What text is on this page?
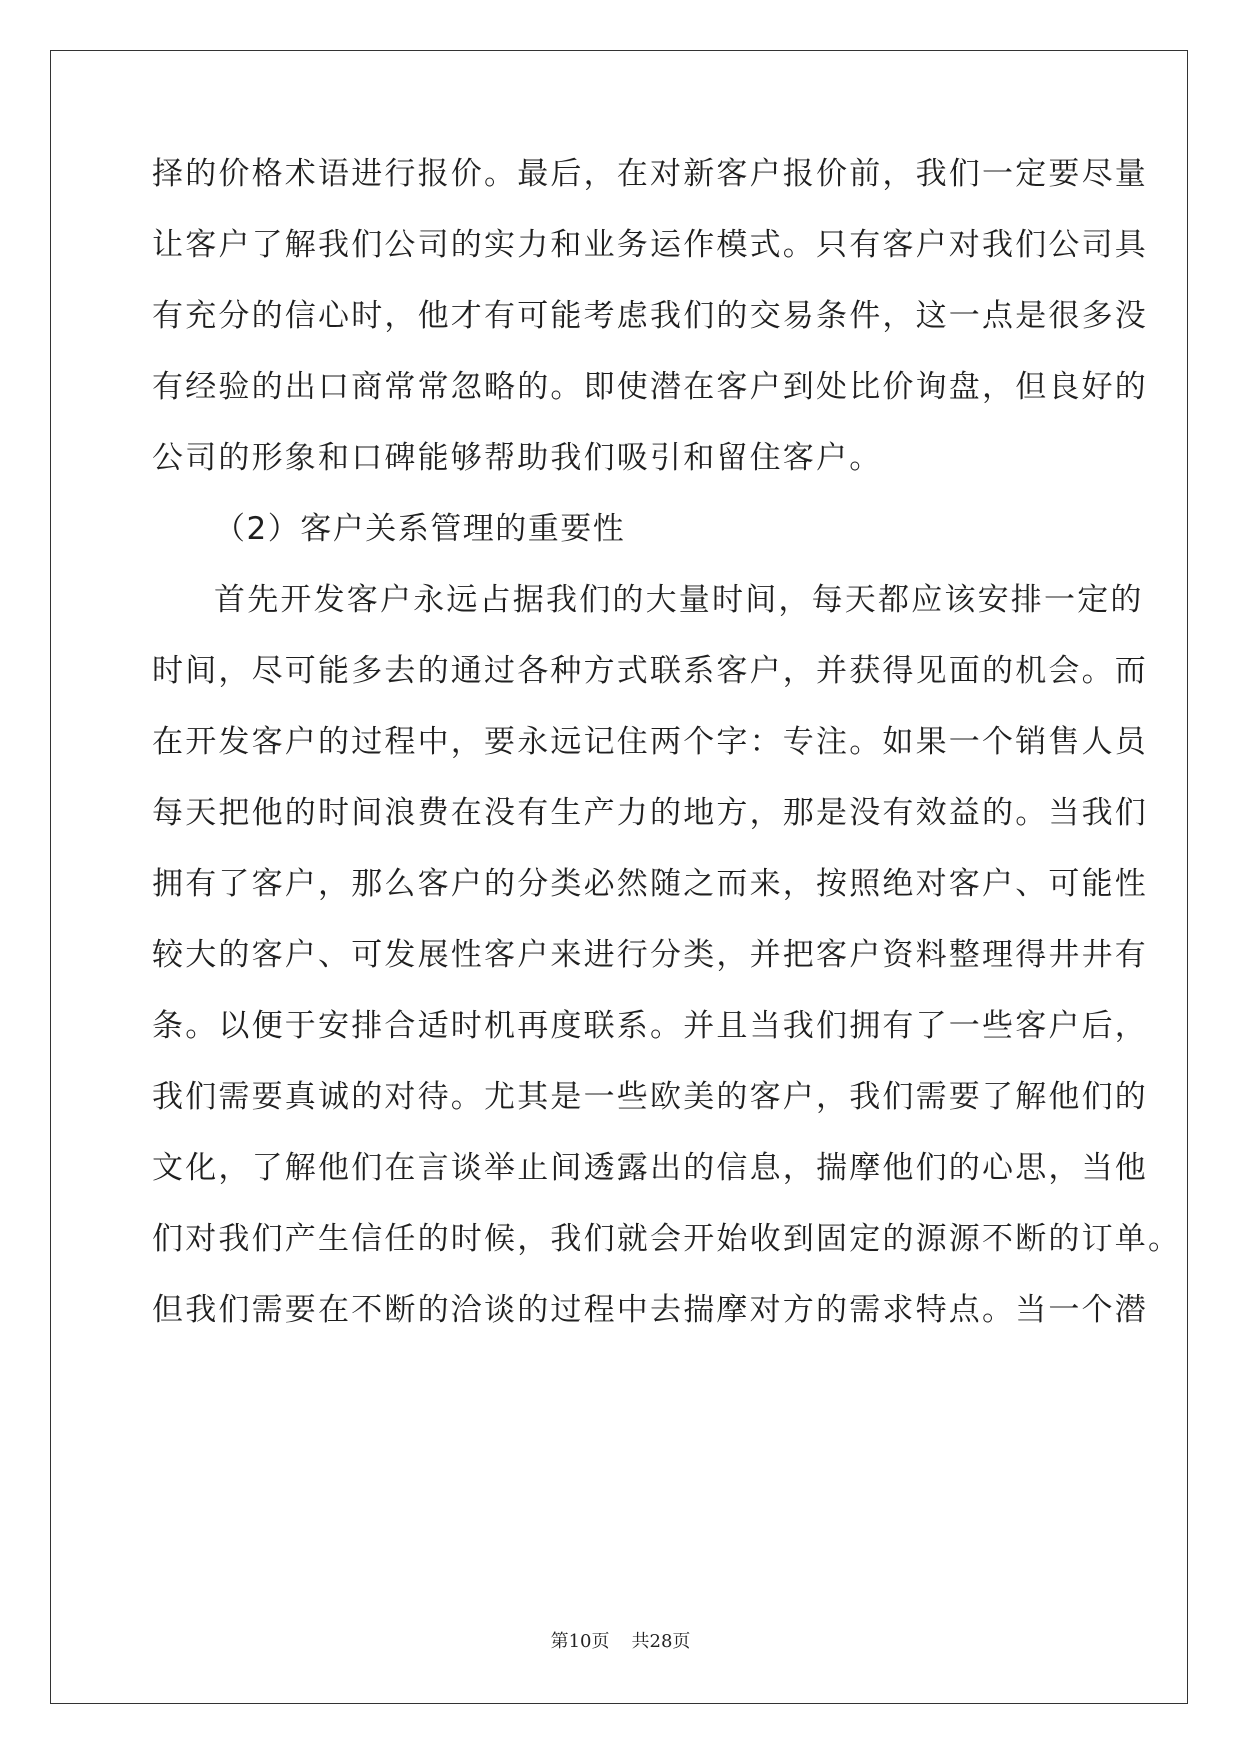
择的价格术语进行报价。最后，在对新客户报价前，我们一定要尽量
让客户了解我们公司的实力和业务运作模式。只有客户对我们公司具
有充分的信心时，他才有可能考虑我们的交易条件，这一点是很多没
有经验的出口商常常忽略的。即使潜在客户到处比价询盘，但良好的
公司的形象和口碑能够帮助我们吸引和留住客户。
（2）客户关系管理的重要性
首先开发客户永远占据我们的大量时间，每天都应该安排一定的
时间，尽可能多去的通过各种方式联系客户，并获得见面的机会。而
在开发客户的过程中，要永远记住两个字：专注。如果一个销售人员
每天把他的时间浪费在没有生产力的地方，那是没有效益的。当我们
拥有了客户，那么客户的分类必然随之而来，按照绝对客户、可能性
较大的客户、可发展性客户来进行分类，并把客户资料整理得井井有
条。以便于安排合适时机再度联系。并且当我们拥有了一些客户后，
我们需要真诚的对待。尤其是一些欧美的客户，我们需要了解他们的
文化，了解他们在言谈举止间透露出的信息，揣摩他们的心思，当他
们对我们产生信任的时候，我们就会开始收到固定的源源不断的订单。
但我们需要在不断的洽谈的过程中去揣摩对方的需求特点。当一个潜
第10页 共28页
